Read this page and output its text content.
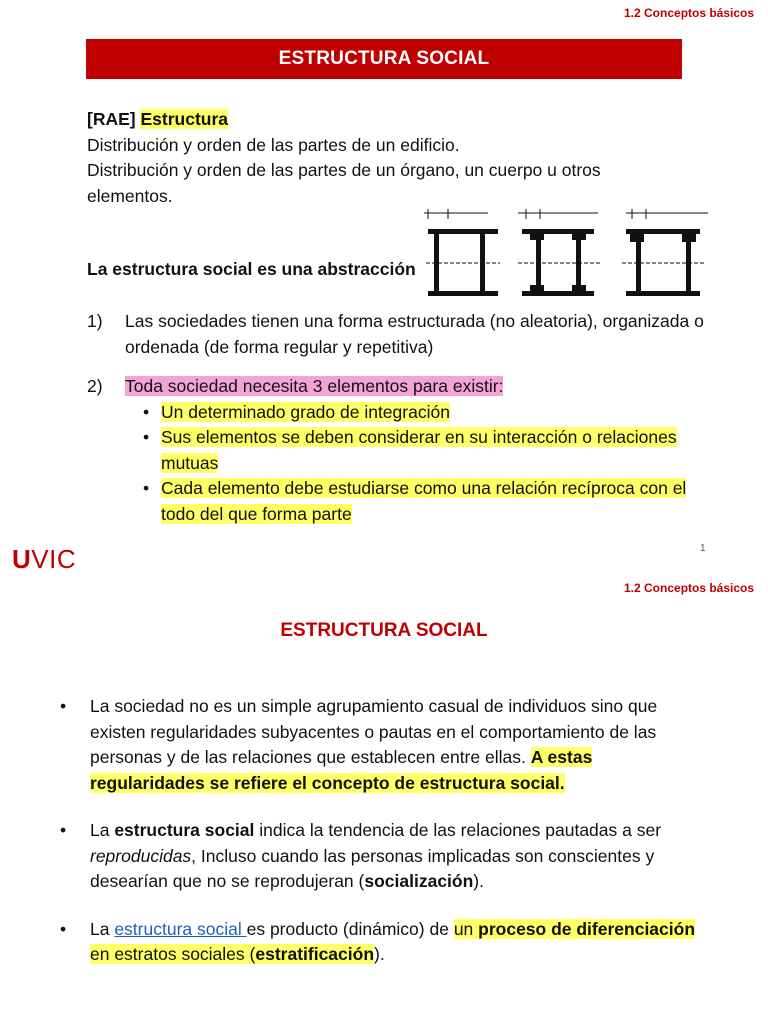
1.2 Conceptos básicos
ESTRUCTURA SOCIAL
[RAE] Estructura
Distribución y orden de las partes de un edificio.
Distribución y orden de las partes de un órgano, un cuerpo u otros elementos.
La estructura social es una abstracción
1)	Las sociedades tienen una forma estructurada (no aleatoria), organizada o ordenada (de forma regular y repetitiva)
2)	Toda sociedad necesita 3 elementos para existir:
• Un determinado grado de integración
• Sus elementos se deben considerar en su interacción o relaciones mutuas
• Cada elemento debe estudiarse como una relación recíproca con el todo del que forma parte
UVIC	1
1.2 Conceptos básicos
ESTRUCTURA SOCIAL
•	La sociedad no es un simple agrupamiento casual de individuos sino que existen regularidades subyacentes o pautas en el comportamiento de las personas y de las relaciones que establecen entre ellas. A estas regularidades se refiere el concepto de estructura social.
•	La estructura social indica la tendencia de las relaciones pautadas a ser reproducidas, Incluso cuando las personas implicadas son conscientes y desearían que no se reprodujeran (socialización).
•	La estructura social es producto (dinámico) de un proceso de diferenciación en estratos sociales (estratificación).
